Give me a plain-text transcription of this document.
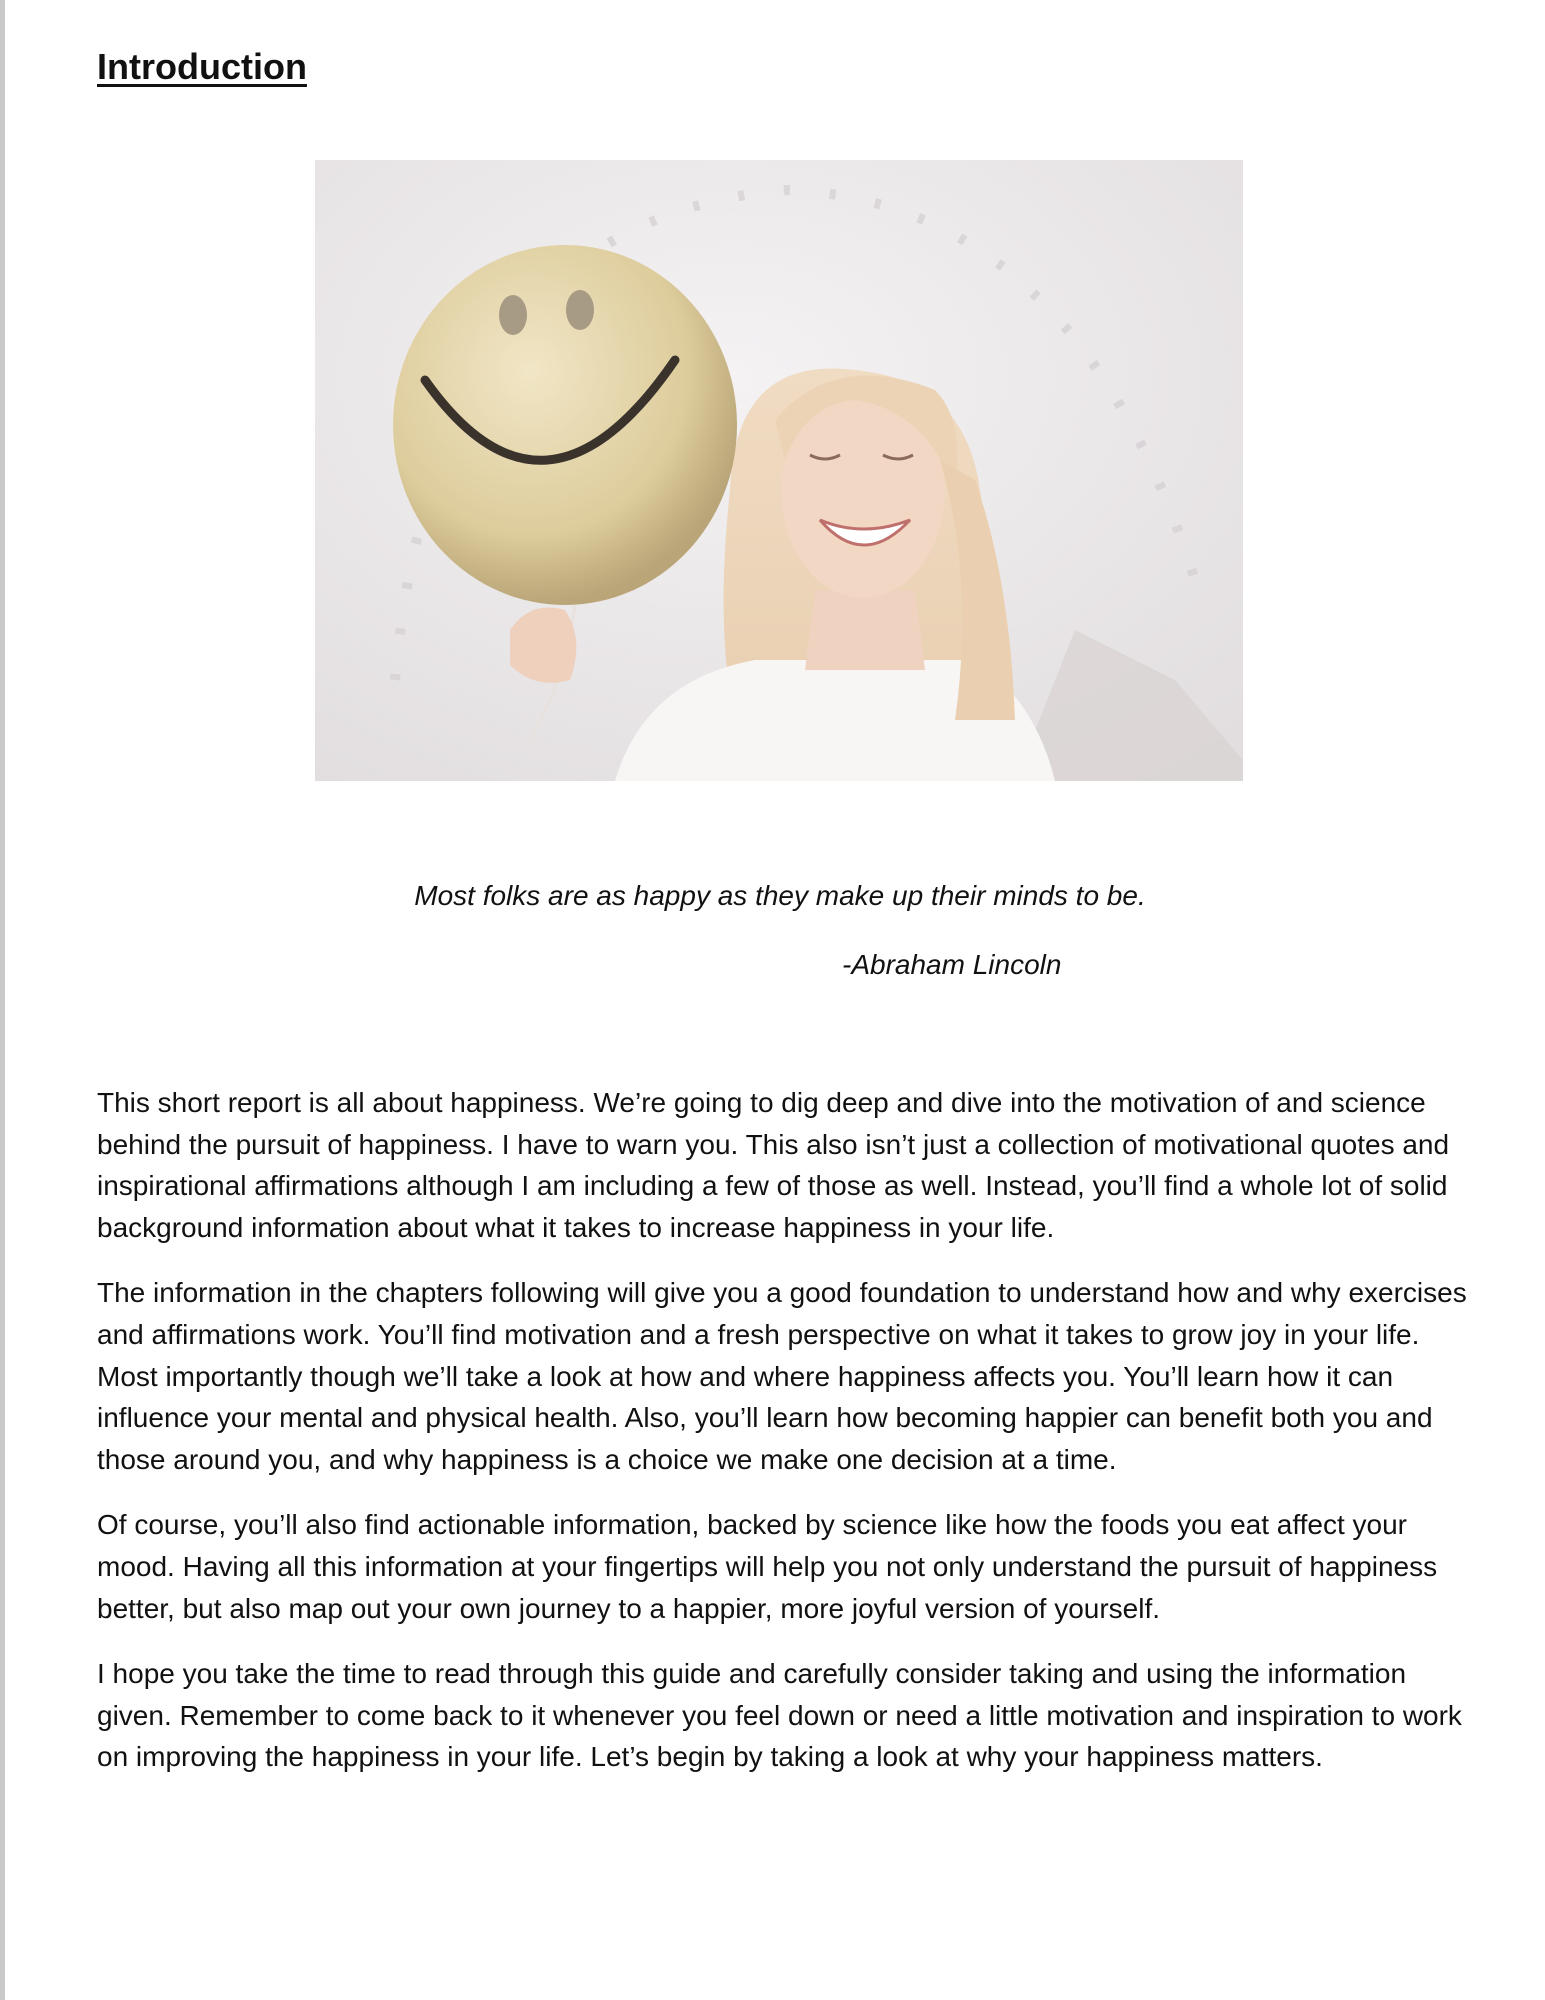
Introduction

Most folks are as happy as they make up their minds to be.

-Abraham Lincoln

This short report is all about happiness. We’re going to dig deep and dive into the motivation of and science behind the pursuit of happiness. I have to warn you. This also isn’t just a collection of motivational quotes and inspirational affirmations although I am including a few of those as well. Instead, you’ll find a whole lot of solid background information about what it takes to increase happiness in your life.

The information in the chapters following will give you a good foundation to understand how and why exercises and affirmations work. You’ll find motivation and a fresh perspective on what it takes to grow joy in your life. Most importantly though we’ll take a look at how and where happiness affects you. You’ll learn how it can influence your mental and physical health. Also, you’ll learn how becoming happier can benefit both you and those around you, and why happiness is a choice we make one decision at a time.

Of course, you’ll also find actionable information, backed by science like how the foods you eat affect your mood. Having all this information at your fingertips will help you not only understand the pursuit of happiness better, but also map out your own journey to a happier, more joyful version of yourself.

I hope you take the time to read through this guide and carefully consider taking and using the information given. Remember to come back to it whenever you feel down or need a little motivation and inspiration to work on improving the happiness in your life. Let’s begin by taking a look at why your happiness matters.
